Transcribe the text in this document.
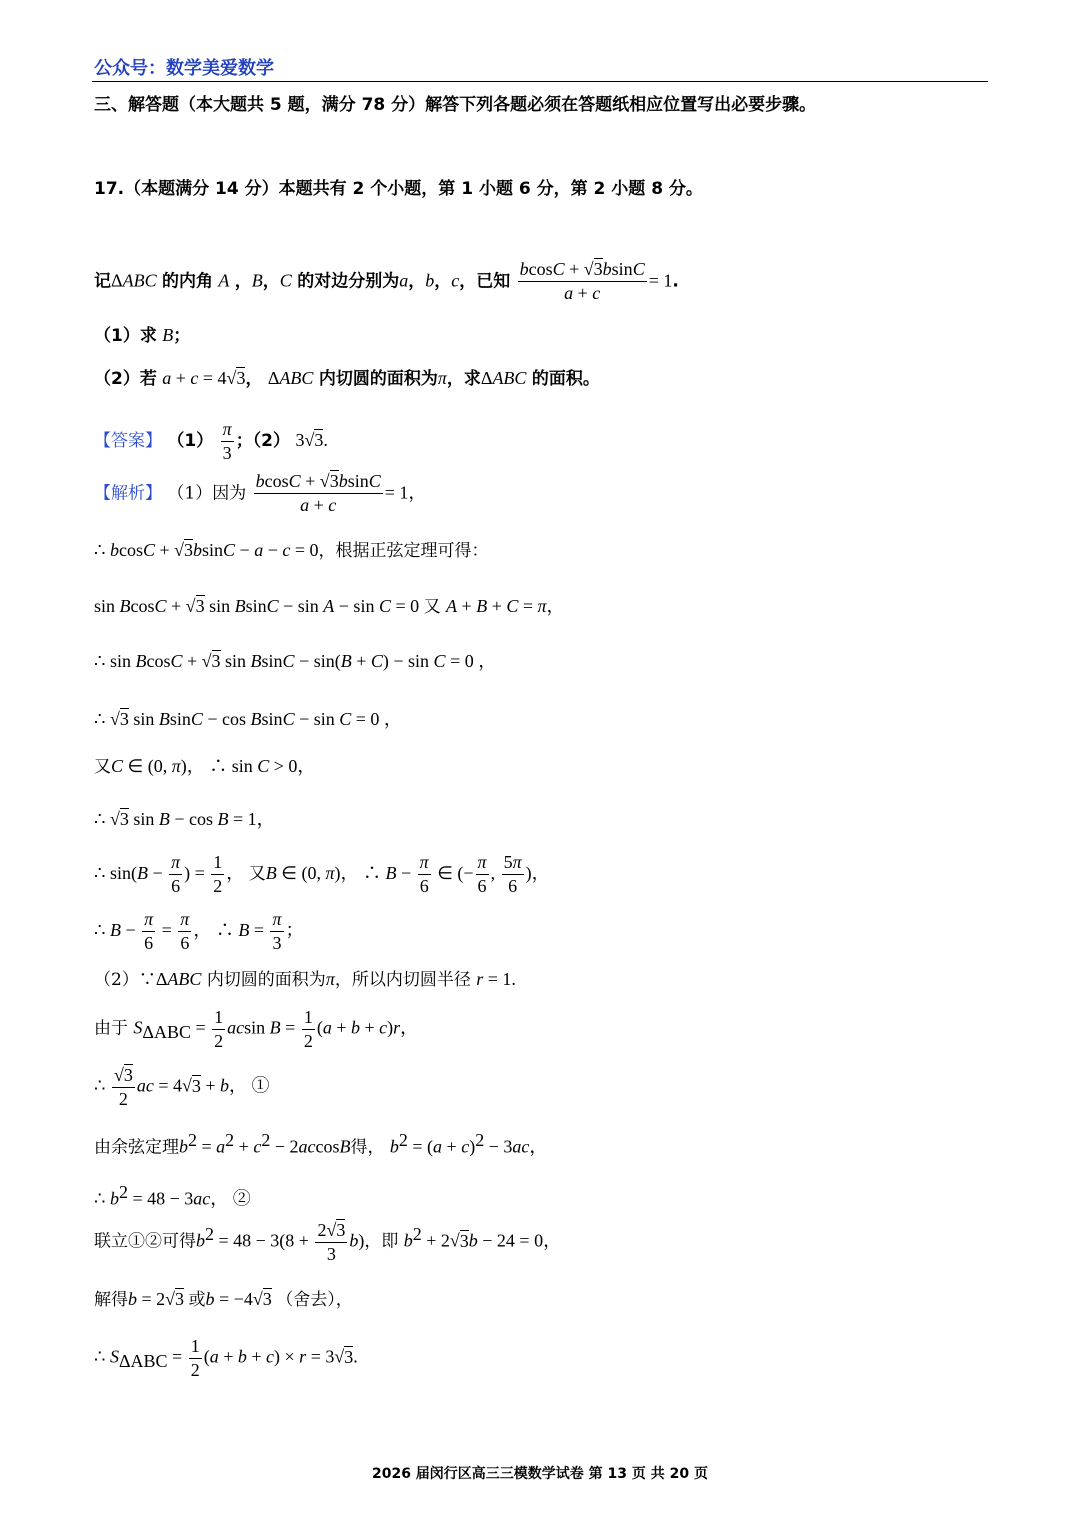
公众号：数学美爱数学
三、解答题（本大题共 5 题，满分 78 分）解答下列各题必须在答题纸相应位置写出必要步骤。
17.（本题满分 14 分）本题共有 2 个小题，第 1 小题 6 分，第 2 小题 8 分。
记ΔABC 的内角 A ，B，C 的对边分别为a，b，c，已知 $\frac{bcosC + √3bsinC}{a + c} = 1$.
（1）求 B；
（2）若 a + c = 4√3， ΔABC 内切圆的面积为π，求ΔABC 的面积。
【答案】 $(1) \frac{\pi}{3}$ ；（2） 3√3.
【解析】 （1）因为 $\frac{bcosC + √3bsinC}{a + c} = 1$，
∴ bcosC + √3bsinC − a − c = 0，根据正弦定理可得：
sin BcosC + √3 sin BsinC − sin A − sin C = 0 又 A + B + C = π，
∴ sin BcosC + √3 sin BsinC − sin(B + C) − sin C = 0 ，
∴ √3 sin BsinC − cos BsinC − sin C = 0 ，
又C ∈ (0, π)， ∴ sin C > 0，
∴ √3 sin B − cos B = 1，
∴ $\sin(B - \frac{\pi}{6}$ ) = $\frac{1}{2}$ ， 又B ∈ (0, π)， ∴ $B - \frac{\pi}{6}$ ∈ (− $\frac{\pi}{6}$ , $\frac{5\pi}{6}$ )，
∴ $B - \frac{\pi}{6} = \frac{\pi}{6}$ ， ∴ $B = \frac{\pi}{3}$ ；
（2）∵ΔABC 内切圆的面积为π，所以内切圆半径 r = 1.
由于 $S_{\Delta ABC} = \frac{1}{2}$ acsin $B = \frac{1}{2} (a + b + c)r$，
∴ $\frac{√3}{2}$ ac = 4√3 + b， ①
由余弦定理$b^2 = a^2 + c^2 - 2accosB$得， $b^2 = (a + c)^2 - 3ac$，
∴ $b^2 = 48 - 3ac$， ②
联立①②可得$b^2 = 48 - 3(8 + \frac{2√3}{3} b)$，即 $b^2 + 2√3b - 24 = 0$，
解得b = 2√3 或b = −4√3 （舍去），
∴ $S_{\Delta ABC} = \frac{1}{2} (a + b + c) \times r = 3√3$.
2026 届闵行区高三三模数学试卷 第 13 页 共 20 页
